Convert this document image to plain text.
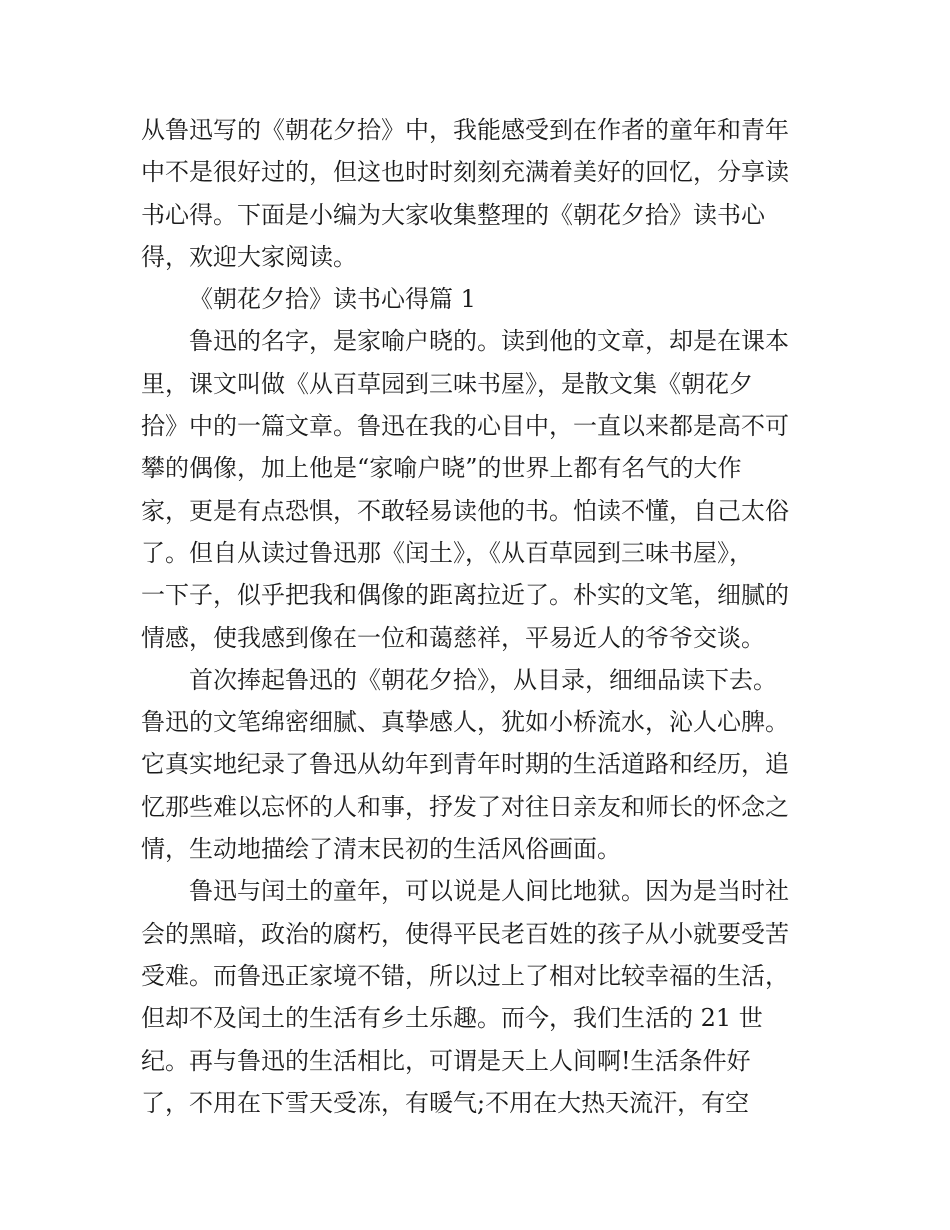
从鲁迅写的《朝花夕拾》中，我能感受到在作者的童年和青年
中不是很好过的，但这也时时刻刻充满着美好的回忆，分享读
书心得。下面是小编为大家收集整理的《朝花夕拾》读书心
得，欢迎大家阅读。
《朝花夕拾》读书心得篇 1
鲁迅的名字，是家喻户晓的。读到他的文章，却是在课本
里，课文叫做《从百草园到三味书屋》，是散文集《朝花夕
拾》中的一篇文章。鲁迅在我的心目中，一直以来都是高不可
攀的偶像，加上他是“家喻户晓”的世界上都有名气的大作
家，更是有点恐惧，不敢轻易读他的书。怕读不懂，自己太俗
了。但自从读过鲁迅那《闰土》，《从百草园到三味书屋》，
一下子，似乎把我和偶像的距离拉近了。朴实的文笔，细腻的
情感，使我感到像在一位和蔼慈祥，平易近人的爷爷交谈。
首次捧起鲁迅的《朝花夕拾》，从目录，细细品读下去。
鲁迅的文笔绵密细腻、真挚感人，犹如小桥流水，沁人心脾。
它真实地纪录了鲁迅从幼年到青年时期的生活道路和经历，追
忆那些难以忘怀的人和事，抒发了对往日亲友和师长的怀念之
情，生动地描绘了清末民初的生活风俗画面。
鲁迅与闰土的童年，可以说是人间比地狱。因为是当时社
会的黑暗，政治的腐朽，使得平民老百姓的孩子从小就要受苦
受难。而鲁迅正家境不错，所以过上了相对比较幸福的生活，
但却不及闰土的生活有乡土乐趣。而今，我们生活的 21 世
纪。再与鲁迅的生活相比，可谓是天上人间啊!生活条件好
了，不用在下雪天受冻，有暖气;不用在大热天流汗，有空
